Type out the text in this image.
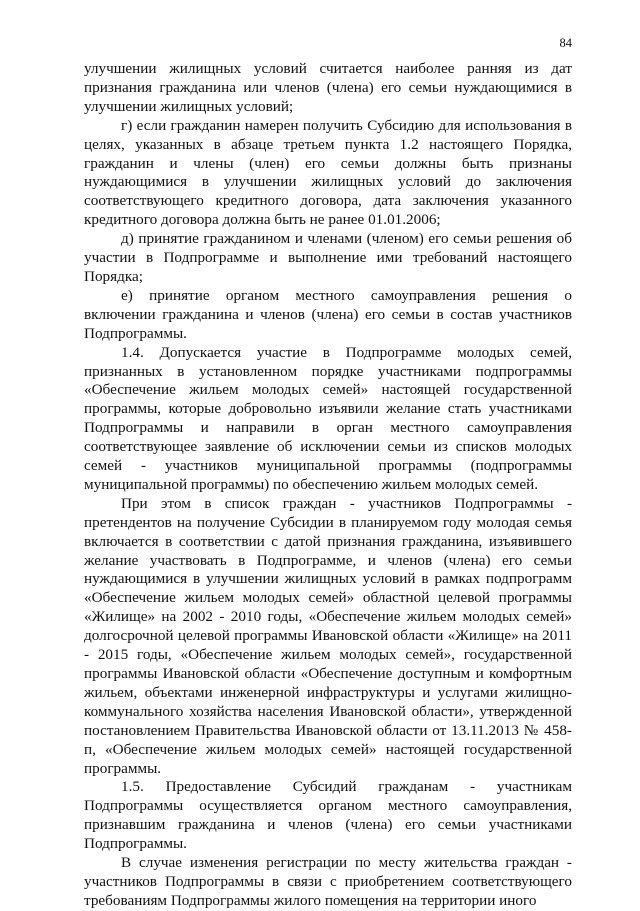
84

улучшении жилищных условий считается наиболее ранняя из дат признания гражданина или членов (члена) его семьи нуждающимися в улучшении жилищных условий;

г) если гражданин намерен получить Субсидию для использования в целях, указанных в абзаце третьем пункта 1.2 настоящего Порядка, гражданин и члены (член) его семьи должны быть признаны нуждающимися в улучшении жилищных условий до заключения соответствующего кредитного договора, дата заключения указанного кредитного договора должна быть не ранее 01.01.2006;

д) принятие гражданином и членами (членом) его семьи решения об участии в Подпрограмме и выполнение ими требований настоящего Порядка;

е) принятие органом местного самоуправления решения о включении гражданина и членов (члена) его семьи в состав участников Подпрограммы.

1.4. Допускается участие в Подпрограмме молодых семей, признанных в установленном порядке участниками подпрограммы «Обеспечение жильем молодых семей» настоящей государственной программы, которые добровольно изъявили желание стать участниками Подпрограммы и направили в орган местного самоуправления соответствующее заявление об исключении семьи из списков молодых семей - участников муниципальной программы (подпрограммы муниципальной программы) по обеспечению жильем молодых семей.

При этом в список граждан - участников Подпрограммы - претендентов на получение Субсидии в планируемом году молодая семья включается в соответствии с датой признания гражданина, изъявившего желание участвовать в Подпрограмме, и членов (члена) его семьи нуждающимися в улучшении жилищных условий в рамках подпрограмм «Обеспечение жильем молодых семей» областной целевой программы «Жилище» на 2002 - 2010 годы, «Обеспечение жильем молодых семей» долгосрочной целевой программы Ивановской области «Жилище» на 2011 - 2015 годы, «Обеспечение жильем молодых семей», государственной программы Ивановской области «Обеспечение доступным и комфортным жильем, объектами инженерной инфраструктуры и услугами жилищно-коммунального хозяйства населения Ивановской области», утвержденной постановлением Правительства Ивановской области от 13.11.2013 № 458-п, «Обеспечение жильем молодых семей» настоящей государственной программы.

1.5. Предоставление Субсидий гражданам - участникам Подпрограммы осуществляется органом местного самоуправления, признавшим гражданина и членов (члена) его семьи участниками Подпрограммы.

В случае изменения регистрации по месту жительства граждан - участников Подпрограммы в связи с приобретением соответствующего требованиям Подпрограммы жилого помещения на территории иного
